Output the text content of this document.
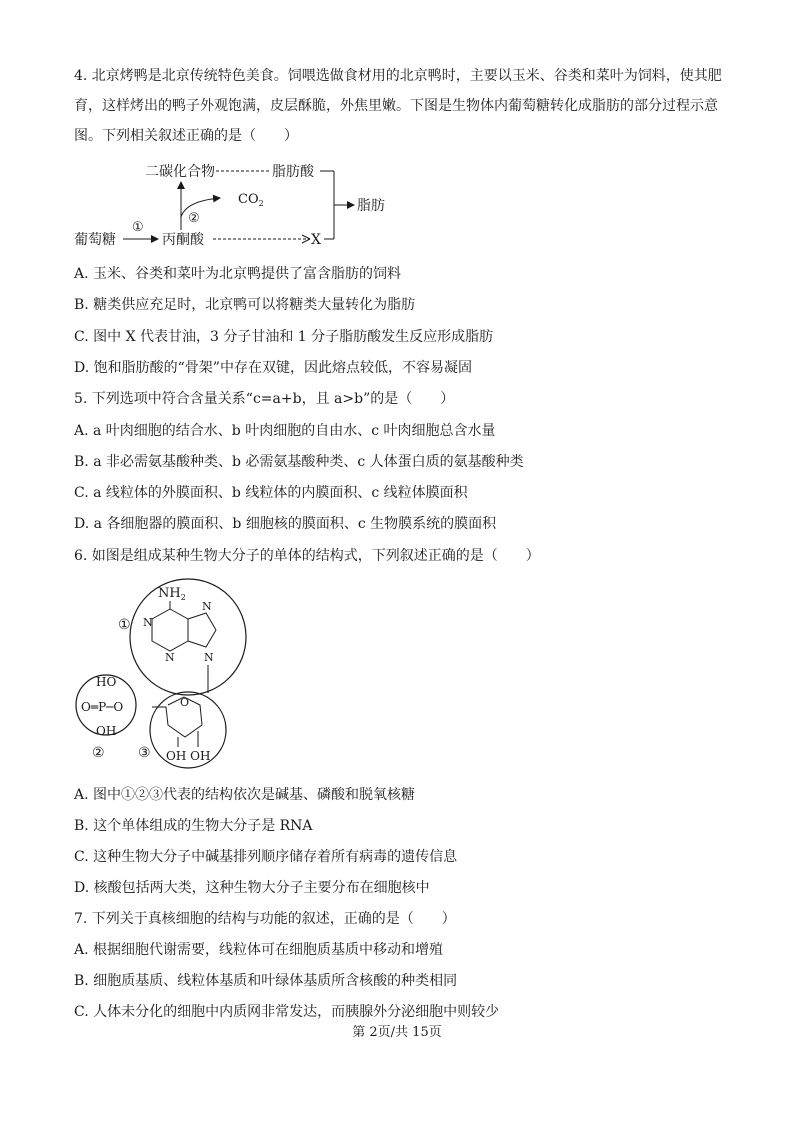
4. 北京烤鸭是北京传统特色美食。饲喂选做食材用的北京鸭时，主要以玉米、谷类和菜叶为饲料，使其肥
育，这样烤出的鸭子外观饱满，皮层酥脆，外焦里嫩。下图是生物体内葡萄糖转化成脂肪的部分过程示意
图。下列相关叙述正确的是（　　）
葡萄糖
①
丙酮酸	X
②
$CO_2$
二碳化合物	脂肪酸
脂肪
A. 玉米、谷类和菜叶为北京鸭提供了富含脂肪的饲料
B. 糖类供应充足时，北京鸭可以将糖类大量转化为脂肪
C. 图中 X 代表甘油，3 分子甘油和 1 分子脂肪酸发生反应形成脂肪
D. 饱和脂肪酸的“骨架”中存在双键，因此熔点较低，不容易凝固
5. 下列选项中符合含量关系“c=a+b，且 a>b”的是（　　）
A. a 叶肉细胞的结合水、b 叶肉细胞的自由水、c 叶肉细胞总含水量
B. a 非必需氨基酸种类、b 必需氨基酸种类、c 人体蛋白质的氨基酸种类
C. a 线粒体的外膜面积、b 线粒体的内膜面积、c 线粒体膜面积
D. a 各细胞器的膜面积、b 细胞核的膜面积、c 生物膜系统的膜面积
6. 如图是组成某种生物大分子的单体的结构式，下列叙述正确的是（　　）
$NH_2$
① N
N
N
N
HO
O═P─O
OH
②
O
OH OH
③
A. 图中①②③代表的结构依次是碱基、磷酸和脱氧核糖
B. 这个单体组成的生物大分子是 RNA
C. 这种生物大分子中碱基排列顺序储存着所有病毒的遗传信息
D. 核酸包括两大类，这种生物大分子主要分布在细胞核中
7. 下列关于真核细胞的结构与功能的叙述，正确的是（　　）
A. 根据细胞代谢需要，线粒体可在细胞质基质中移动和增殖
B. 细胞质基质、线粒体基质和叶绿体基质所含核酸的种类相同
C. 人体未分化的细胞中内质网非常发达，而胰腺外分泌细胞中则较少
第 2页/共 15页
